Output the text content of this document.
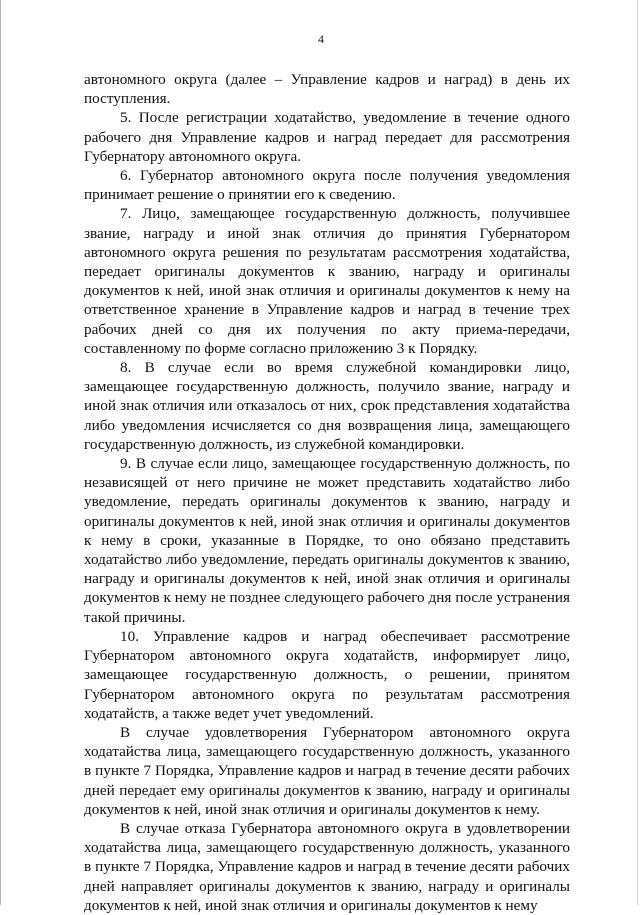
4

автономного округа (далее – Управление кадров и наград) в день их поступления.

5. После регистрации ходатайство, уведомление в течение одного рабочего дня Управление кадров и наград передает для рассмотрения Губернатору автономного округа.

6. Губернатор автономного округа после получения уведомления принимает решение о принятии его к сведению.

7. Лицо, замещающее государственную должность, получившее звание, награду и иной знак отличия до принятия Губернатором автономного округа решения по результатам рассмотрения ходатайства, передает оригиналы документов к званию, награду и оригиналы документов к ней, иной знак отличия и оригиналы документов к нему на ответственное хранение в Управление кадров и наград в течение трех рабочих дней со дня их получения по акту приема-передачи, составленному по форме согласно приложению 3 к Порядку.

8. В случае если во время служебной командировки лицо, замещающее государственную должность, получило звание, награду и иной знак отличия или отказалось от них, срок представления ходатайства либо уведомления исчисляется со дня возвращения лица, замещающего государственную должность, из служебной командировки.

9. В случае если лицо, замещающее государственную должность, по независящей от него причине не может представить ходатайство либо уведомление, передать оригиналы документов к званию, награду и оригиналы документов к ней, иной знак отличия и оригиналы документов к нему в сроки, указанные в Порядке, то оно обязано представить ходатайство либо уведомление, передать оригиналы документов к званию, награду и оригиналы документов к ней, иной знак отличия и оригиналы документов к нему не позднее следующего рабочего дня после устранения такой причины.

10. Управление кадров и наград обеспечивает рассмотрение Губернатором автономного округа ходатайств, информирует лицо, замещающее государственную должность, о решении, принятом Губернатором автономного округа по результатам рассмотрения ходатайств, а также ведет учет уведомлений.

В случае удовлетворения Губернатором автономного округа ходатайства лица, замещающего государственную должность, указанного в пункте 7 Порядка, Управление кадров и наград в течение десяти рабочих дней передает ему оригиналы документов к званию, награду и оригиналы документов к ней, иной знак отличия и оригиналы документов к нему.

В случае отказа Губернатора автономного округа в удовлетворении ходатайства лица, замещающего государственную должность, указанного в пункте 7 Порядка, Управление кадров и наград в течение десяти рабочих дней направляет оригиналы документов к званию, награду и оригиналы документов к ней, иной знак отличия и оригиналы документов к нему
